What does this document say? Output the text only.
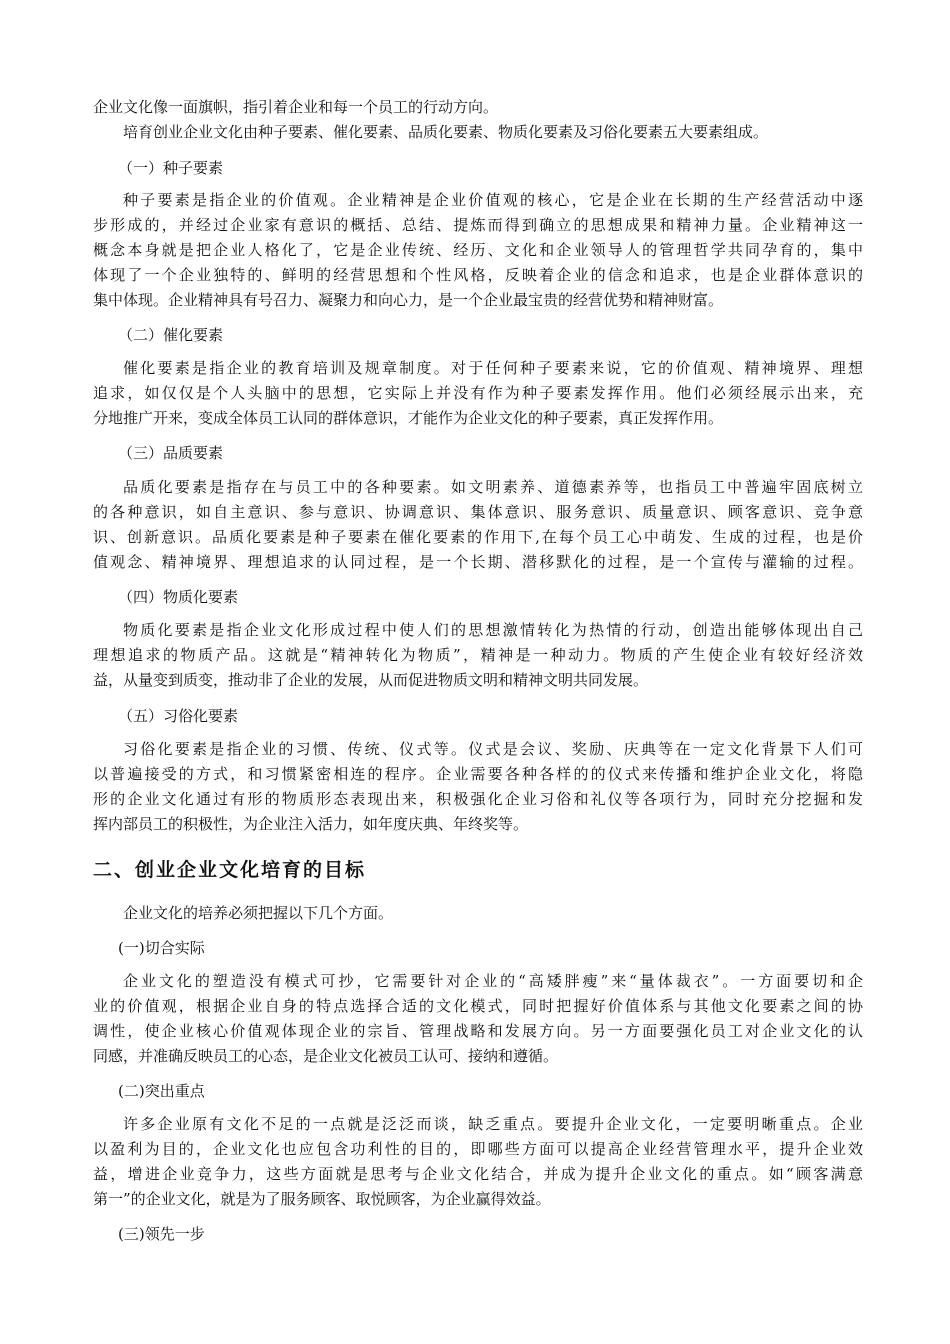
企业文化像一面旗帜，指引着企业和每一个员工的行动方向。
培育创业企业文化由种子要素、催化要素、品质化要素、物质化要素及习俗化要素五大要素组成。
（一）种子要素
种子要素是指企业的价值观。企业精神是企业价值观的核心，它是企业在长期的生产经营活动中逐
步形成的，并经过企业家有意识的概括、总结、提炼而得到确立的思想成果和精神力量。企业精神这一
概念本身就是把企业人格化了，它是企业传统、经历、文化和企业领导人的管理哲学共同孕育的，集中
体现了一个企业独特的、鲜明的经营思想和个性风格，反映着企业的信念和追求，也是企业群体意识的
集中体现。企业精神具有号召力、凝聚力和向心力，是一个企业最宝贵的经营优势和精神财富。
（二）催化要素
催化要素是指企业的教育培训及规章制度。对于任何种子要素来说，它的价值观、精神境界、理想
追求，如仅仅是个人头脑中的思想，它实际上并没有作为种子要素发挥作用。他们必须经展示出来，充
分地推广开来，变成全体员工认同的群体意识，才能作为企业文化的种子要素，真正发挥作用。
（三）品质要素
品质化要素是指存在与员工中的各种要素。如文明素养、道德素养等，也指员工中普遍牢固底树立
的各种意识，如自主意识、参与意识、协调意识、集体意识、服务意识、质量意识、顾客意识、竞争意
识、创新意识。品质化要素是种子要素在催化要素的作用下,在每个员工心中萌发、生成的过程，也是价
值观念、精神境界、理想追求的认同过程，是一个长期、潜移默化的过程，是一个宣传与灌输的过程。
（四）物质化要素
物质化要素是指企业文化形成过程中使人们的思想激情转化为热情的行动，创造出能够体现出自己
理想追求的物质产品。这就是“精神转化为物质”，精神是一种动力。物质的产生使企业有较好经济效
益，从量变到质变，推动非了企业的发展，从而促进物质文明和精神文明共同发展。
（五）习俗化要素
习俗化要素是指企业的习惯、传统、仪式等。仪式是会议、奖励、庆典等在一定文化背景下人们可
以普遍接受的方式，和习惯紧密相连的程序。企业需要各种各样的的仪式来传播和维护企业文化，将隐
形的企业文化通过有形的物质形态表现出来，积极强化企业习俗和礼仪等各项行为，同时充分挖掘和发
挥内部员工的积极性，为企业注入活力，如年度庆典、年终奖等。
二、创业企业文化培育的目标
企业文化的培养必须把握以下几个方面。
(一)切合实际
企业文化的塑造没有模式可抄，它需要针对企业的“高矮胖瘦”来“量体裁衣”。一方面要切和企
业的价值观，根据企业自身的特点选择合适的文化模式，同时把握好价值体系与其他文化要素之间的协
调性，使企业核心价值观体现企业的宗旨、管理战略和发展方向。另一方面要强化员工对企业文化的认
同感，并准确反映员工的心态，是企业文化被员工认可、接纳和遵循。
(二)突出重点
许多企业原有文化不足的一点就是泛泛而谈，缺乏重点。要提升企业文化，一定要明晰重点。企业
以盈利为目的，企业文化也应包含功利性的目的，即哪些方面可以提高企业经营管理水平，提升企业效
益，增进企业竞争力，这些方面就是思考与企业文化结合，并成为提升企业文化的重点。如“顾客满意
第一”的企业文化，就是为了服务顾客、取悦顾客，为企业赢得效益。
(三)领先一步
